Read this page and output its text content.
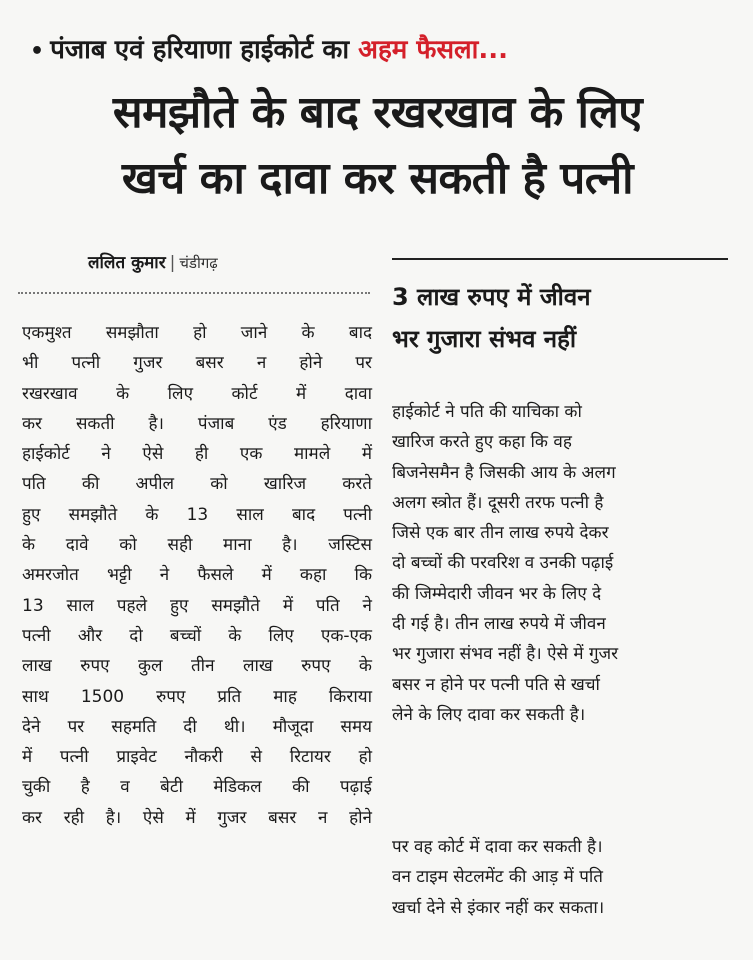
• पंजाब एवं हरियाणा हाईकोर्ट का अहम फैसला...
समझौते के बाद रखरखाव के लिए
खर्च का दावा कर सकती है पत्नी
ललित कुमार | चंडीगढ़
3 लाख रुपए में जीवन
भर गुजारा संभव नहीं
एकमुश्त समझौता हो जाने के बाद
भी पत्नी गुजर बसर न होने पर
रखरखाव के लिए कोर्ट में दावा
कर सकती है। पंजाब एंड हरियाणा
हाईकोर्ट ने ऐसे ही एक मामले में
पति की अपील को खारिज करते
हुए समझौते के 13 साल बाद पत्नी
के दावे को सही माना है। जस्टिस
अमरजोत भट्टी ने फैसले में कहा कि
13 साल पहले हुए समझौते में पति ने
पत्नी और दो बच्चों के लिए एक-एक
लाख रुपए कुल तीन लाख रुपए के
साथ 1500 रुपए प्रति माह किराया
देने पर सहमति दी थी। मौजूदा समय
में पत्नी प्राइवेट नौकरी से रिटायर हो
चुकी है व बेटी मेडिकल की पढ़ाई
कर रही है। ऐसे में गुजर बसर न होने
हाईकोर्ट ने पति की याचिका को
खारिज करते हुए कहा कि वह
बिजनेसमैन है जिसकी आय के अलग
अलग स्त्रोत हैं। दूसरी तरफ पत्नी है
जिसे एक बार तीन लाख रुपये देकर
दो बच्चों की परवरिश व उनकी पढ़ाई
की जिम्मेदारी जीवन भर के लिए दे
दी गई है। तीन लाख रुपये में जीवन
भर गुजारा संभव नहीं है। ऐसे में गुजर
बसर न होने पर पत्नी पति से खर्चा
लेने के लिए दावा कर सकती है।
पर वह कोर्ट में दावा कर सकती है।
वन टाइम सेटलमेंट की आड़ में पति
खर्चा देने से इंकार नहीं कर सकता।
